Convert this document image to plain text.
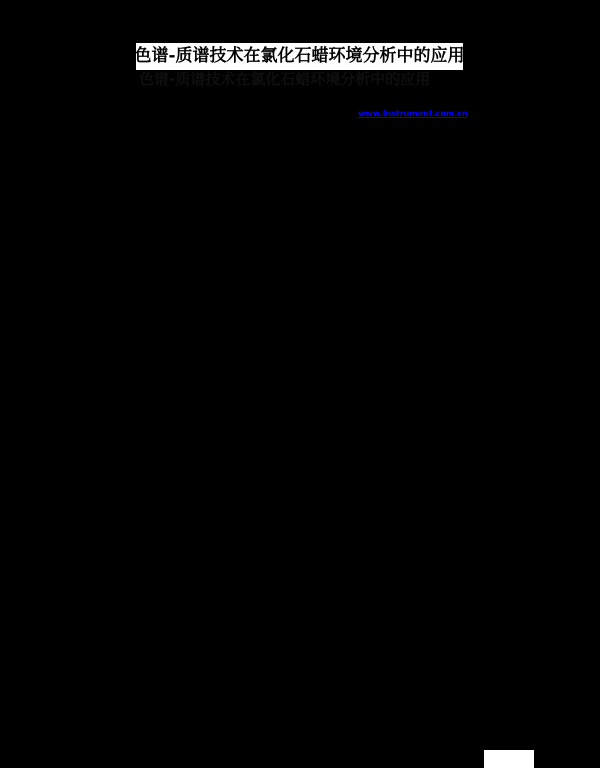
色谱-质谱技术在氯化石蜡环境分析中的应用
色谱-质谱技术在氯化石蜡环境分析中的应用
www.instrument.com.cn
